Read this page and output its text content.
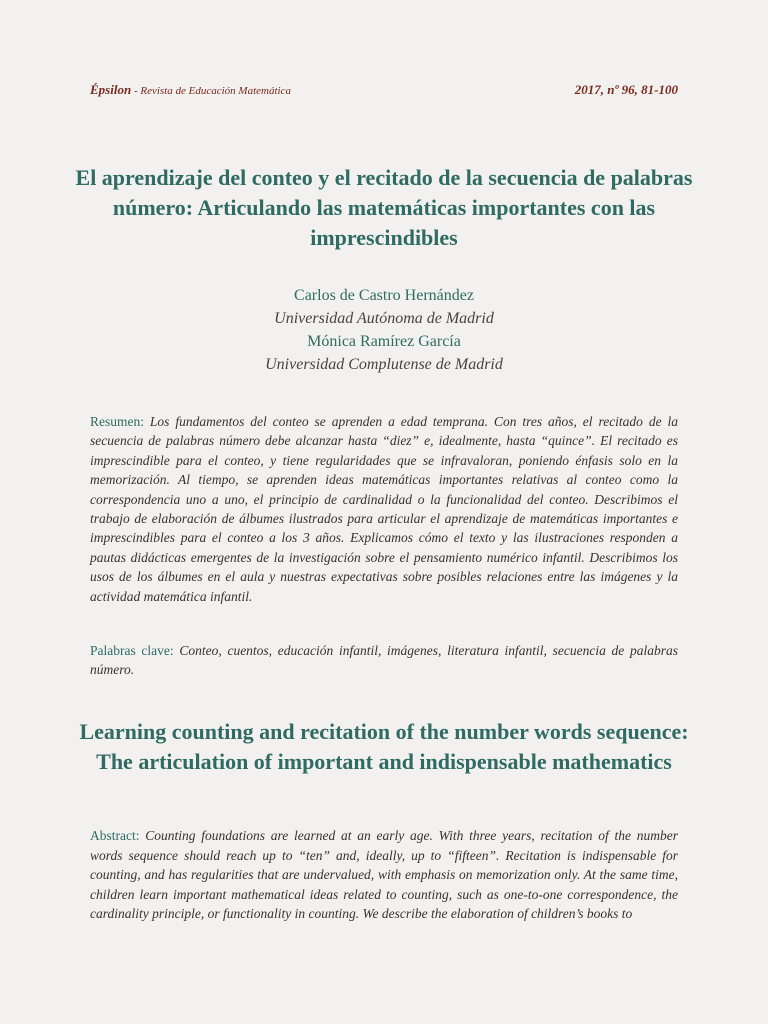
Épsilon - Revista de Educación Matemática	2017, nº 96, 81-100
El aprendizaje del conteo y el recitado de la secuencia de palabras número: Articulando las matemáticas importantes con las imprescindibles
Carlos de Castro Hernández
Universidad Autónoma de Madrid
Mónica Ramírez García
Universidad Complutense de Madrid
Resumen: Los fundamentos del conteo se aprenden a edad temprana. Con tres años, el recitado de la secuencia de palabras número debe alcanzar hasta “diez” e, idealmente, hasta “quince”. El recitado es imprescindible para el conteo, y tiene regularidades que se infravaloran, poniendo énfasis solo en la memorización. Al tiempo, se aprenden ideas matemáticas importantes relativas al conteo como la correspondencia uno a uno, el principio de cardinalidad o la funcionalidad del conteo. Describimos el trabajo de elaboración de álbumes ilustrados para articular el aprendizaje de matemáticas importantes e imprescindibles para el conteo a los 3 años. Explicamos cómo el texto y las ilustraciones responden a pautas didácticas emergentes de la investigación sobre el pensamiento numérico infantil. Describimos los usos de los álbumes en el aula y nuestras expectativas sobre posibles relaciones entre las imágenes y la actividad matemática infantil.
Palabras clave: Conteo, cuentos, educación infantil, imágenes, literatura infantil, secuencia de palabras número.
Learning counting and recitation of the number words sequence: The articulation of important and indispensable mathematics
Abstract: Counting foundations are learned at an early age. With three years, recitation of the number words sequence should reach up to “ten” and, ideally, up to “fifteen”. Recitation is indispensable for counting, and has regularities that are undervalued, with emphasis on memorization only. At the same time, children learn important mathematical ideas related to counting, such as one-to-one correspondence, the cardinality principle, or functionality in counting. We describe the elaboration of children’s books to
